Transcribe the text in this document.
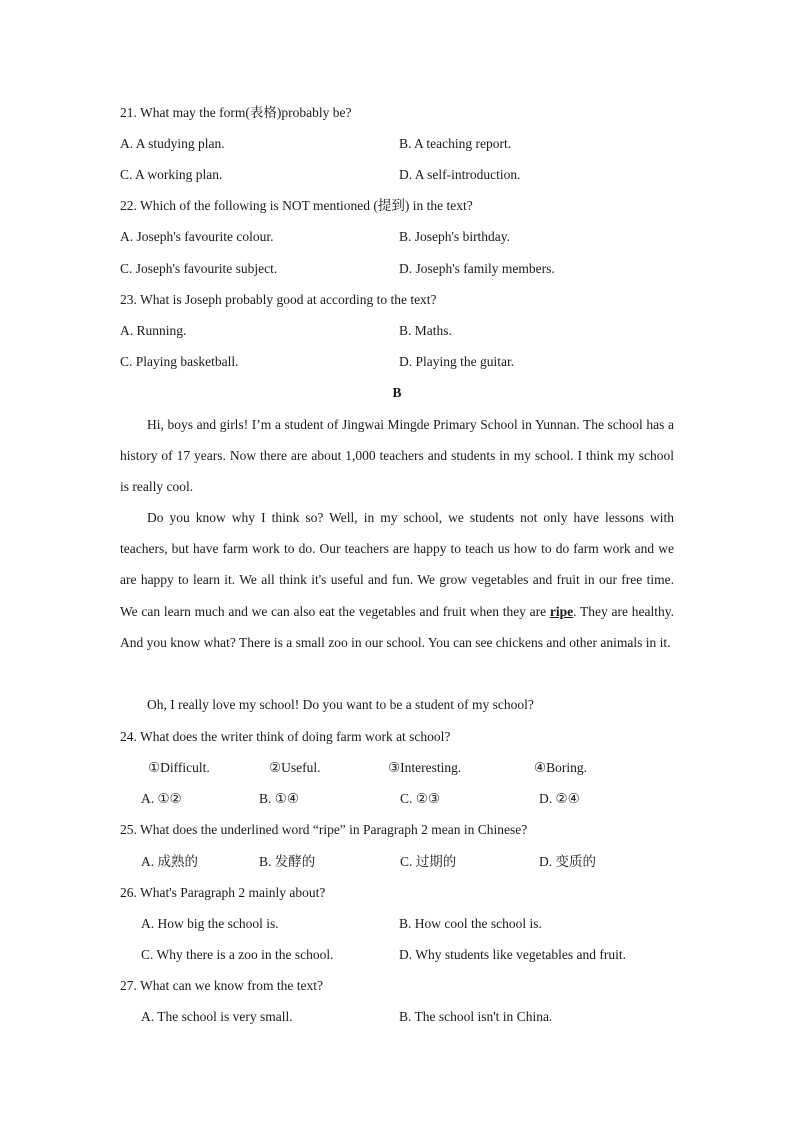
21. What may the form(表格)probably be?
A. A studying plan.	B. A teaching report.
C. A working plan.	D. A self-introduction.
22. Which of the following is NOT mentioned (提到) in the text?
A. Joseph's favourite colour.	B. Joseph's birthday.
C. Joseph's favourite subject.	D. Joseph's family members.
23. What is Joseph probably good at according to the text?
A. Running.	B. Maths.
C. Playing basketball.	D. Playing the guitar.
B
Hi, boys and girls! I’m a student of Jingwai Mingde Primary School in Yunnan. The school has a history of 17 years. Now there are about 1,000 teachers and students in my school. I think my school is really cool.
Do you know why I think so? Well, in my school, we students not only have lessons with teachers, but have farm work to do. Our teachers are happy to teach us how to do farm work and we are happy to learn it. We all think it's useful and fun. We grow vegetables and fruit in our free time. We can learn much and we can also eat the vegetables and fruit when they are ripe. They are healthy. And you know what? There is a small zoo in our school. You can see chickens and other animals in it.
Oh, I really love my school! Do you want to be a student of my school?
24. What does the writer think of doing farm work at school?
①Difficult.	②Useful.	③Interesting.	④Boring.
A. ①②	B. ①④	C. ②③	D. ②④
25. What does the underlined word “ripe” in Paragraph 2 mean in Chinese?
A. 成熟的	B. 发酵的	C. 过期的	D. 变质的
26. What's Paragraph 2 mainly about?
A. How big the school is.	B. How cool the school is.
C. Why there is a zoo in the school.	D. Why students like vegetables and fruit.
27. What can we know from the text?
A. The school is very small.	B. The school isn't in China.
